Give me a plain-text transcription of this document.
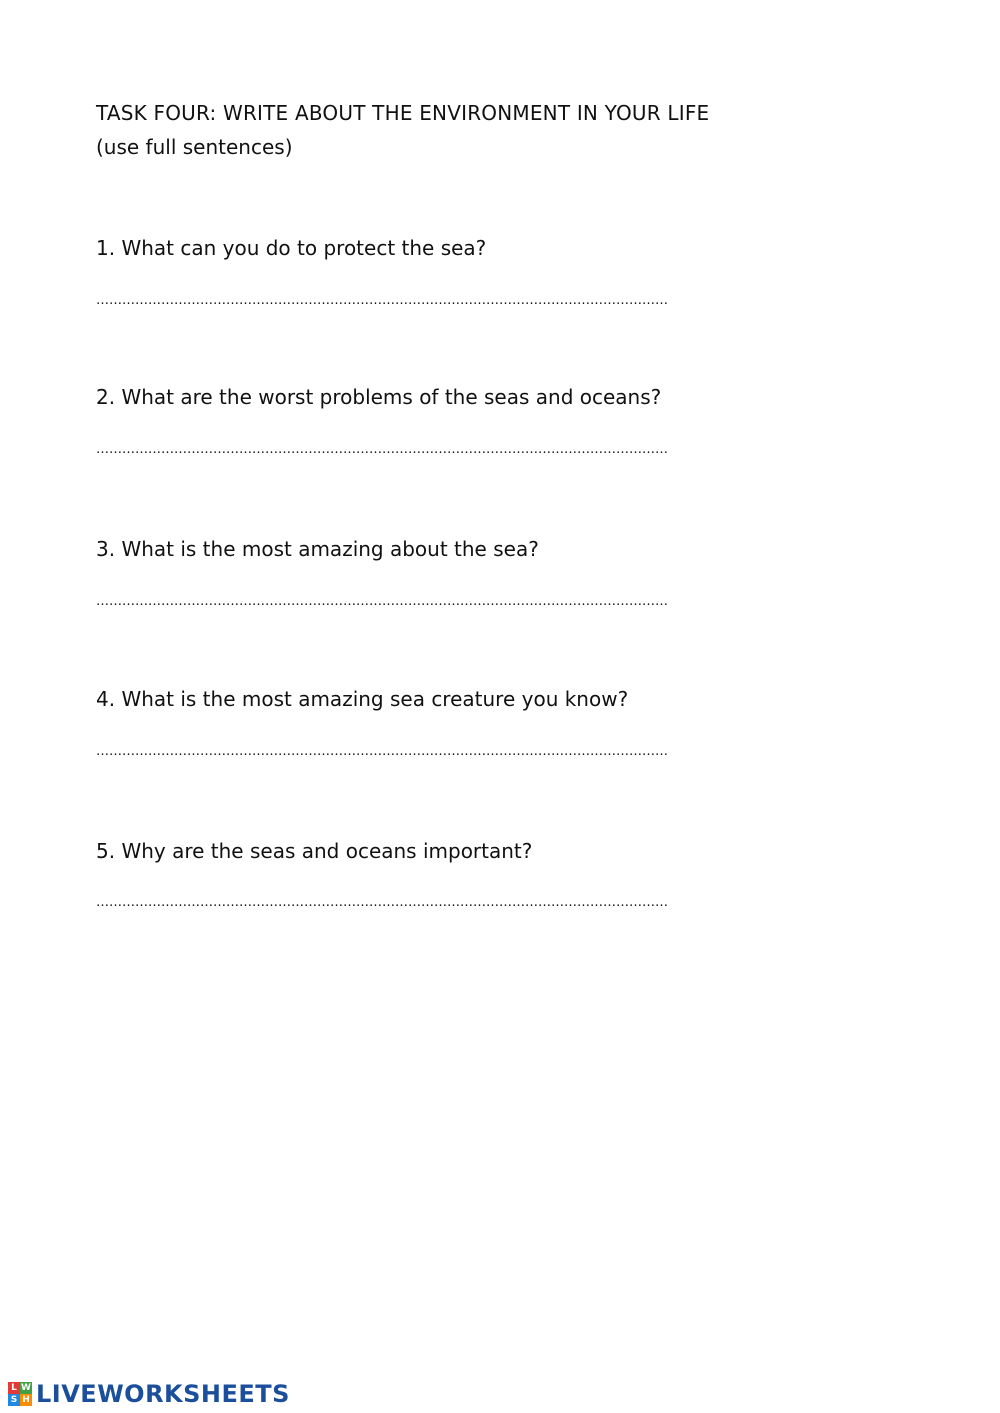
TASK FOUR: WRITE ABOUT THE ENVIRONMENT IN YOUR LIFE
(use full sentences)
1. What can you do to protect the sea?
……………………………………………………………………………………………………………………
2. What are the worst problems of the seas and oceans?
……………………………………………………………………………………………………………………
3. What is the most amazing about the sea?
……………………………………………………………………………………………………………………
4. What is the most amazing sea creature you know?
……………………………………………………………………………………………………………………
5. Why are the seas and oceans important?
……………………………………………………………………………………………………………………
L W
S H LIVEWORKSHEETS
